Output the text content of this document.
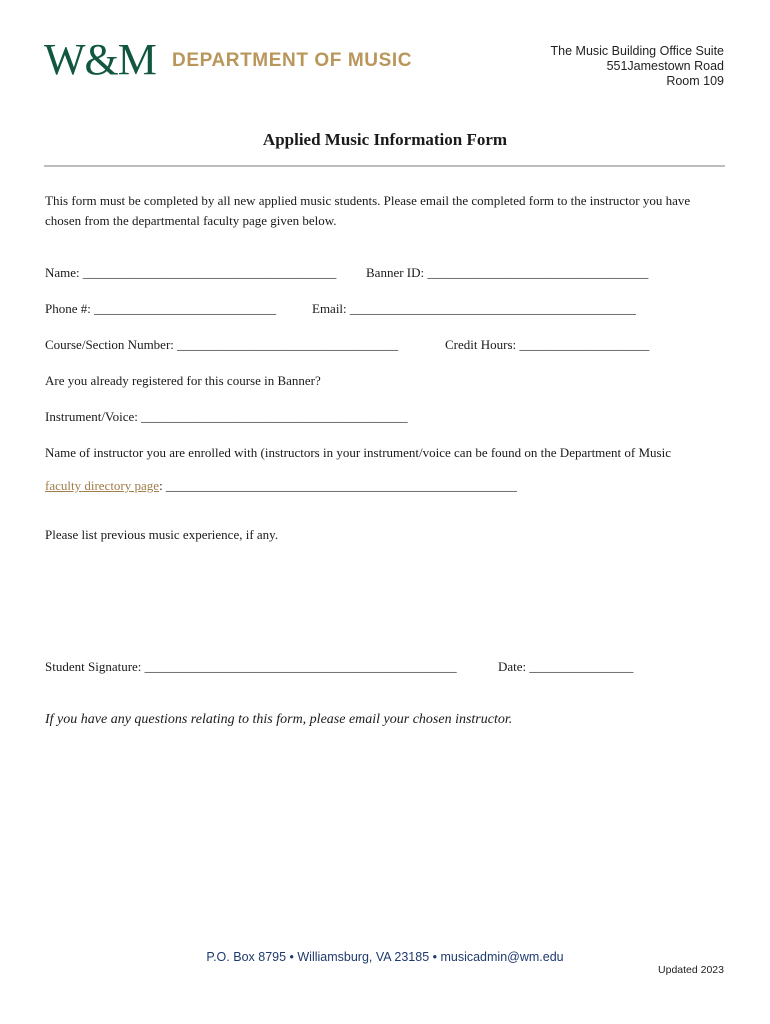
W&M DEPARTMENT OF MUSIC	The Music Building Office Suite
551Jamestown Road
Room 109
Applied Music Information Form
This form must be completed by all new applied music students. Please email the completed form to the instructor you have chosen from the departmental faculty page given below.
Name: _______________________________________ Banner ID: __________________________________
Phone #: ____________________________	Email: ____________________________________________
Course/Section Number: __________________________________	Credit Hours: ____________________
Are you already registered for this course in Banner?
Instrument/Voice: _________________________________________
Name of instructor you are enrolled with (instructors in your instrument/voice can be found on the Department of Music
faculty directory page: ______________________________________________________
Please list previous music experience, if any.
Student Signature: ________________________________________________	Date: ________________
If you have any questions relating to this form, please email your chosen instructor.
P.O. Box 8795 • Williamsburg, VA 23185 • musicadmin@wm.edu
Updated 2023
